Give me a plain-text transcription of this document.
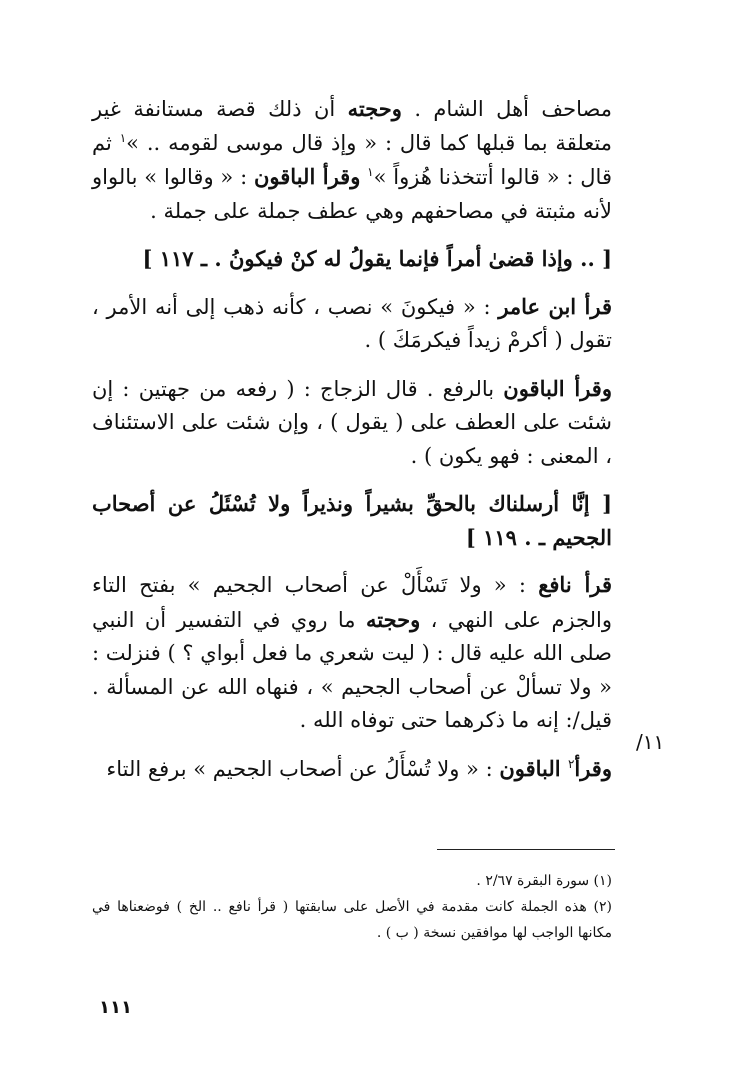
مصاحف أهل الشام . وحجته أن ذلك قصة مستانفة غير متعلقة بما قبلها كما قال : « وإذ قال موسى لقومه .. »$^١$ ثم قال : « قالوا أتتخذنا هُزواً »$^١$ وقرأ الباقون : « وقالوا » بالواو لأنه مثبتة في مصاحفهم وهي عطف جملة على جملة .

[ .. وإذا قضىٰ أمراً فإنما يقولُ له كنْ فيكونُ . ـ ١١٧ ]

قرأ ابن عامر : « فيكونَ » نصب ، كأنه ذهب إلى أنه الأمر ، تقول ( أكرمْ زيداً فيكرمَكَ ) .

وقرأ الباقون بالرفع . قال الزجاج : ( رفعه من جهتين : إن شئت على العطف على ( يقول ) ، وإن شئت على الاستئناف ، المعنى : فهو يكون ) .

[ إنَّا أرسلناك بالحقِّ بشيراً ونذيراً ولا تُسْئَلُ عن أصحاب الجحيم ـ . ١١٩ ]

قرأ نافع : « ولا تَسْأَلْ عن أصحاب الجحيم » بفتح التاء والجزم على النهي ، وحجته ما روي في التفسير أن النبي صلى الله عليه قال : ( ليت شعري ما فعل أبواي ؟ ) فنزلت : « ولا تسألْ عن أصحاب الجحيم » ، فنهاه الله عن المسألة . قيل/: إنه ما ذكرهما حتى توفاه الله .

وقرأ$^٢$ الباقون : « ولا تُسْأَلُ عن أصحاب الجحيم » برفع التاء

١١/

(١) سورة البقرة ٢/٦٧ .

(٢) هذه الجملة كانت مقدمة في الأصل على سابقتها ( قرأ نافع .. الخ ) فوضعناها في مكانها الواجب لها موافقين نسخة ( ب ) .

١١١
